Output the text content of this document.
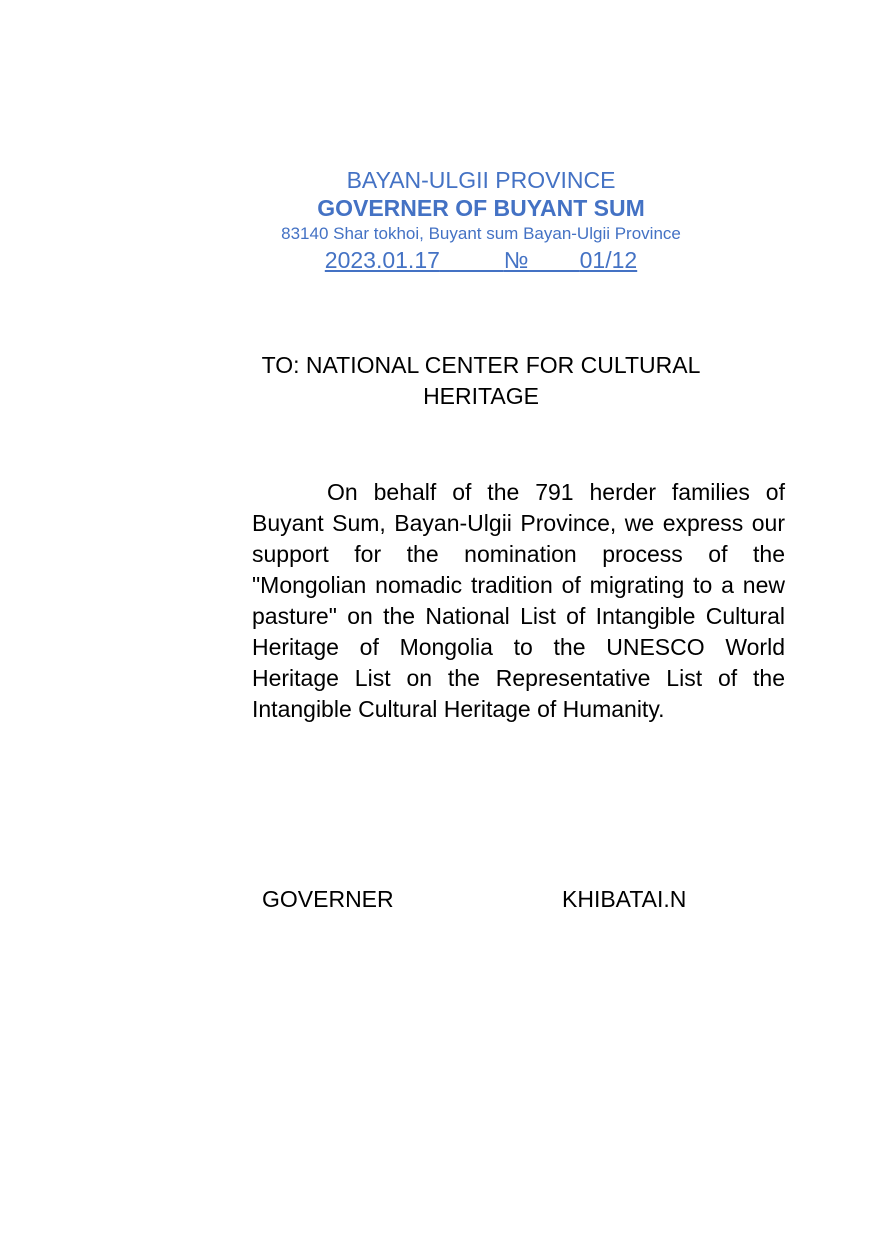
BAYAN-ULGII PROVINCE
GOVERNER OF BUYANT SUM
83140 Shar tokhoi, Buyant sum Bayan-Ulgii Province
2023.01.17	№ 01/12
TO: NATIONAL CENTER FOR CULTURAL
HERITAGE

On behalf of the 791 herder families of Buyant Sum, Bayan-Ulgii Province, we express our support for the nomination process of the "Mongolian nomadic tradition of migrating to a new pasture" on the National List of Intangible Cultural Heritage of Mongolia to the UNESCO World Heritage List on the Representative List of the Intangible Cultural Heritage of Humanity.

GOVERNER	KHIBATAI.N
